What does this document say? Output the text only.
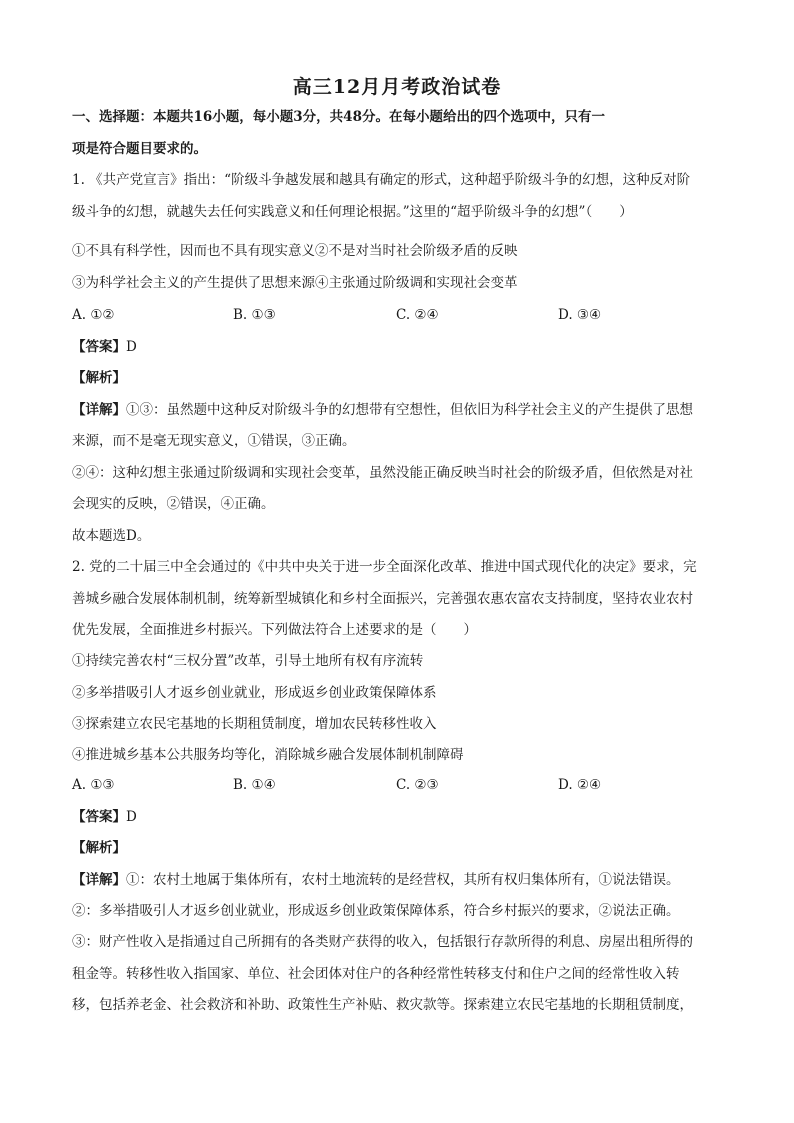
高三12月月考政治试卷
一、选择题：本题共16小题，每小题3分，共48分。在每小题给出的四个选项中，只有一
项是符合题目要求的。
1. 《共产党宣言》指出：“阶级斗争越发展和越具有确定的形式，这种超乎阶级斗争的幻想，这种反对阶
级斗争的幻想，就越失去任何实践意义和任何理论根据。”这里的“超乎阶级斗争的幻想”（　　）
①不具有科学性，因而也不具有现实意义②不是对当时社会阶级矛盾的反映
③为科学社会主义的产生提供了思想来源④主张通过阶级调和实现社会变革
A. ①②	B. ①③	C. ②④	D. ③④
【答案】D
【解析】
【详解】①③：虽然题中这种反对阶级斗争的幻想带有空想性，但依旧为科学社会主义的产生提供了思想
来源，而不是毫无现实意义，①错误，③正确。
②④：这种幻想主张通过阶级调和实现社会变革，虽然没能正确反映当时社会的阶级矛盾，但依然是对社
会现实的反映，②错误，④正确。
故本题选D。
2. 党的二十届三中全会通过的《中共中央关于进一步全面深化改革、推进中国式现代化的决定》要求，完
善城乡融合发展体制机制，统筹新型城镇化和乡村全面振兴，完善强农惠农富农支持制度，坚持农业农村
优先发展，全面推进乡村振兴。下列做法符合上述要求的是（　　）
①持续完善农村“三权分置”改革，引导土地所有权有序流转
②多举措吸引人才返乡创业就业，形成返乡创业政策保障体系
③探索建立农民宅基地的长期租赁制度，增加农民转移性收入
④推进城乡基本公共服务均等化，消除城乡融合发展体制机制障碍
A. ①③	B. ①④	C. ②③	D. ②④
【答案】D
【解析】
【详解】①：农村土地属于集体所有，农村土地流转的是经营权，其所有权归集体所有，①说法错误。
②：多举措吸引人才返乡创业就业，形成返乡创业政策保障体系，符合乡村振兴的要求，②说法正确。
③：财产性收入是指通过自己所拥有的各类财产获得的收入，包括银行存款所得的利息、房屋出租所得的
租金等。转移性收入指国家、单位、社会团体对住户的各种经常性转移支付和住户之间的经常性收入转
移，包括养老金、社会救济和补助、政策性生产补贴、救灾款等。探索建立农民宅基地的长期租赁制度，
